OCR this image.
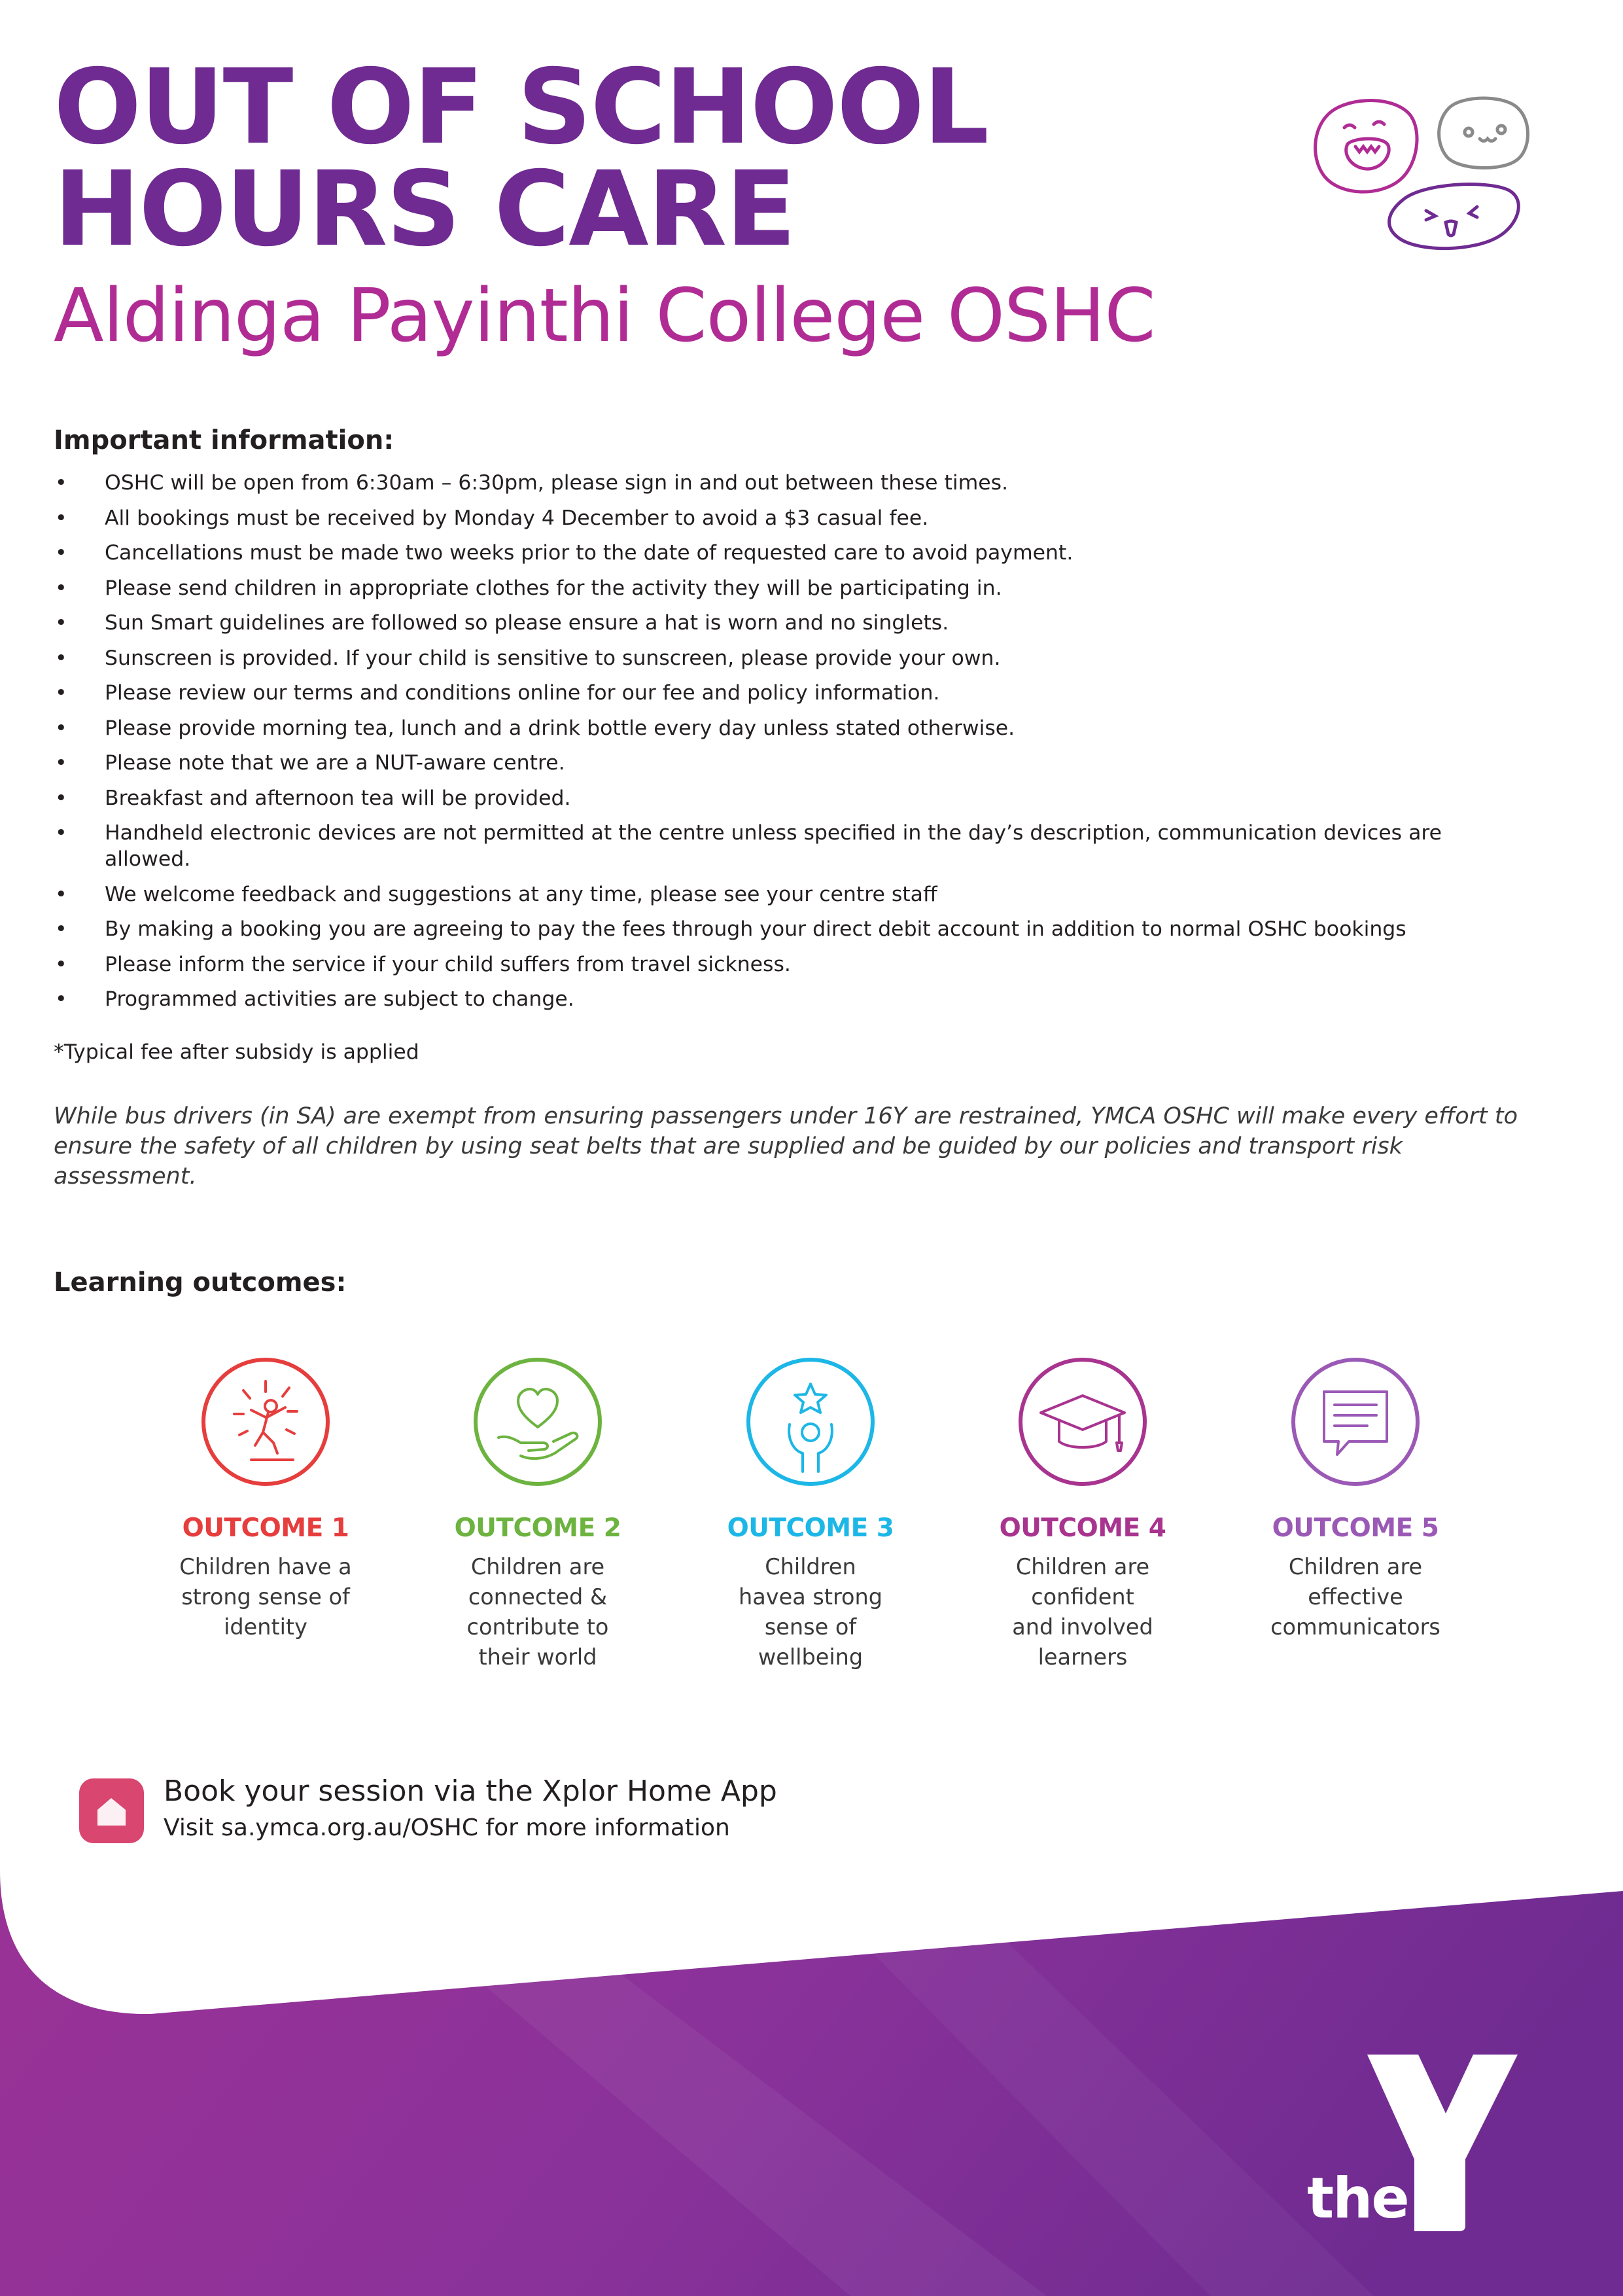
OUT OF SCHOOL
HOURS CARE
Aldinga Payinthi College OSHC
Important information:
• OSHC will be open from 6:30am – 6:30pm, please sign in and out between these times.
• All bookings must be received by Monday 4 December to avoid a $3 casual fee.
• Cancellations must be made two weeks prior to the date of requested care to avoid payment.
• Please send children in appropriate clothes for the activity they will be participating in.
• Sun Smart guidelines are followed so please ensure a hat is worn and no singlets.
• Sunscreen is provided. If your child is sensitive to sunscreen, please provide your own.
• Please review our terms and conditions online for our fee and policy information.
• Please provide morning tea, lunch and a drink bottle every day unless stated otherwise.
• Please note that we are a NUT-aware centre.
• Breakfast and afternoon tea will be provided.
• Handheld electronic devices are not permitted at the centre unless specified in the day’s description, communication devices are allowed.
• We welcome feedback and suggestions at any time, please see your centre staff
• By making a booking you are agreeing to pay the fees through your direct debit account in addition to normal OSHC bookings
• Please inform the service if your child suffers from travel sickness.
• Programmed activities are subject to change.

*Typical fee after subsidy is applied

While bus drivers (in SA) are exempt from ensuring passengers under 16Y are restrained, YMCA OSHC will make every effort to ensure the safety of all children by using seat belts that are supplied and be guided by our policies and transport risk assessment.

Learning outcomes:
OUTCOME 1
Children have a
strong sense of
identity
OUTCOME 2
Children are
connected &
contribute to
their world
OUTCOME 3
Children
havea strong
sense of
wellbeing
OUTCOME 4
Children are
confident
and involved
learners
OUTCOME 5
Children are
effective
communicators

Book your session via the Xplor Home App

Visit sa.ymca.org.au/OSHC for more information

the
